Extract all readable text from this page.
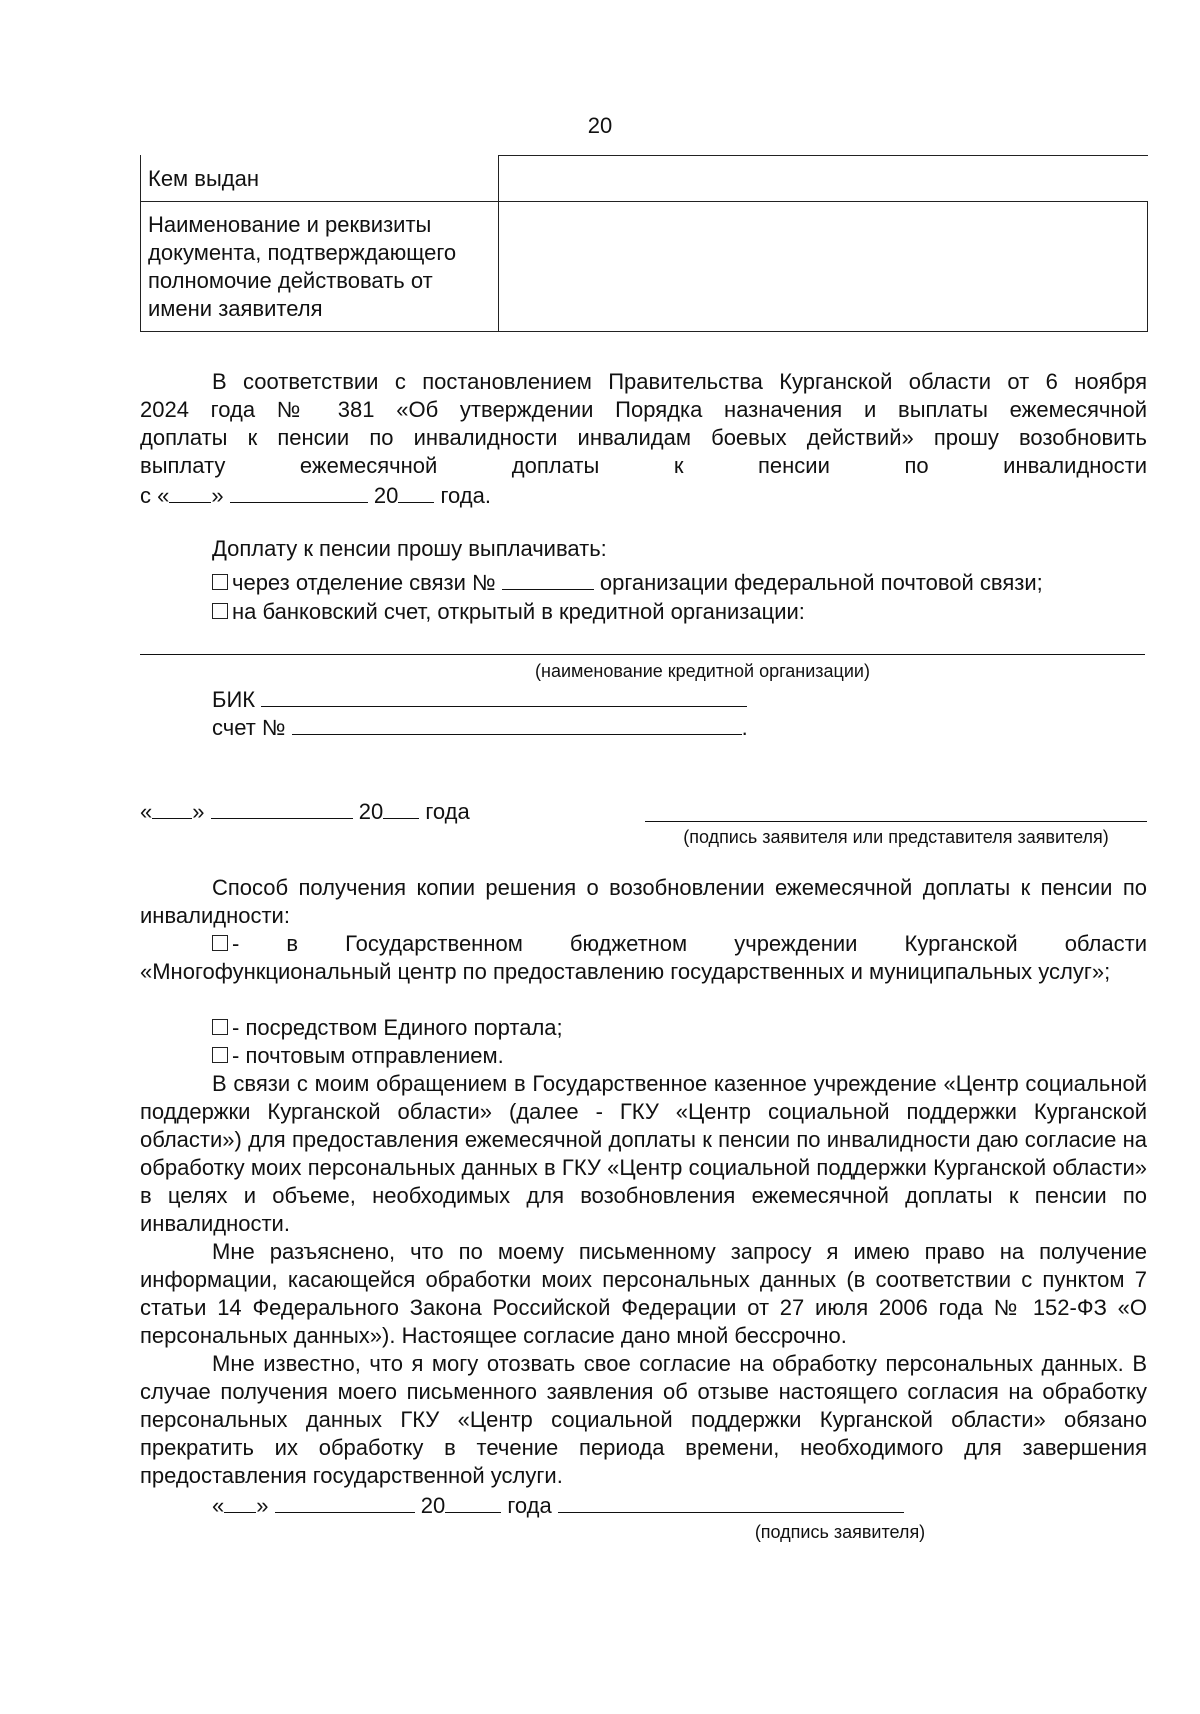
20
Кем выдан	
Наименование и реквизиты документа, подтверждающего полномочие действовать от имени заявителя	
В соответствии с постановлением Правительства Курганской области от 6 ноября
2024 года № 381 «Об утверждении Порядка назначения и выплаты ежемесячной
доплаты к пенсии по инвалидности инвалидам боевых действий» прошу возобновить
выплату ежемесячной доплаты к пенсии по инвалидности
с « »	20 года.
Доплату к пенсии прошу выплачивать:
через отделение связи №	организации федеральной почтовой связи;
на банковский счет, открытый в кредитной организации:
(наименование кредитной организации)
БИК
счет №	.
« »	20 года
(подпись заявителя или представителя заявителя)
Способ получения копии решения о возобновлении ежемесячной доплаты к пенсии по инвалидности:
- в Государственном бюджетном учреждении Курганской области «Многофункциональный центр по предоставлению государственных и муниципальных услуг»;
- посредством Единого портала;
- почтовым отправлением.
В связи с моим обращением в Государственное казенное учреждение «Центр социальной поддержки Курганской области» (далее - ГКУ «Центр социальной поддержки Курганской области») для предоставления ежемесячной доплаты к пенсии по инвалидности даю согласие на обработку моих персональных данных в ГКУ «Центр социальной поддержки Курганской области» в целях и объеме, необходимых для возобновления ежемесячной доплаты к пенсии по инвалидности.
Мне разъяснено, что по моему письменному запросу я имею право на получение информации, касающейся обработки моих персональных данных (в соответствии с пунктом 7 статьи 14 Федерального Закона Российской Федерации от 27 июля 2006 года № 152-ФЗ «О персональных данных»). Настоящее согласие дано мной бессрочно.
Мне известно, что я могу отозвать свое согласие на обработку персональных данных. В случае получения моего письменного заявления об отзыве настоящего согласия на обработку персональных данных ГКУ «Центр социальной поддержки Курганской области» обязано прекратить их обработку в течение периода времени, необходимого для завершения предоставления государственной услуги.
« »	20	года
(подпись заявителя)
